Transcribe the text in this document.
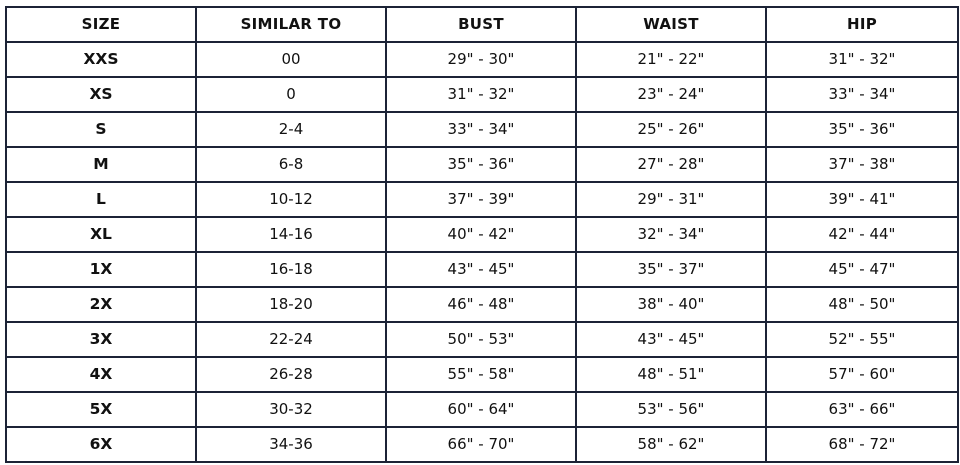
SIZE	SIMILAR TO	BUST	WAIST	HIP
XXS	00	29" - 30"	21" - 22"	31" - 32"
XS	0	31" - 32"	23" - 24"	33" - 34"
S	2-4	33" - 34"	25" - 26"	35" - 36"
M	6-8	35" - 36"	27" - 28"	37" - 38"
L	10-12	37" - 39"	29" - 31"	39" - 41"
XL	14-16	40" - 42"	32" - 34"	42" - 44"
1X	16-18	43" - 45"	35" - 37"	45" - 47"
2X	18-20	46" - 48"	38" - 40"	48" - 50"
3X	22-24	50" - 53"	43" - 45"	52" - 55"
4X	26-28	55" - 58"	48" - 51"	57" - 60"
5X	30-32	60" - 64"	53" - 56"	63" - 66"
6X	34-36	66" - 70"	58" - 62"	68" - 72"
